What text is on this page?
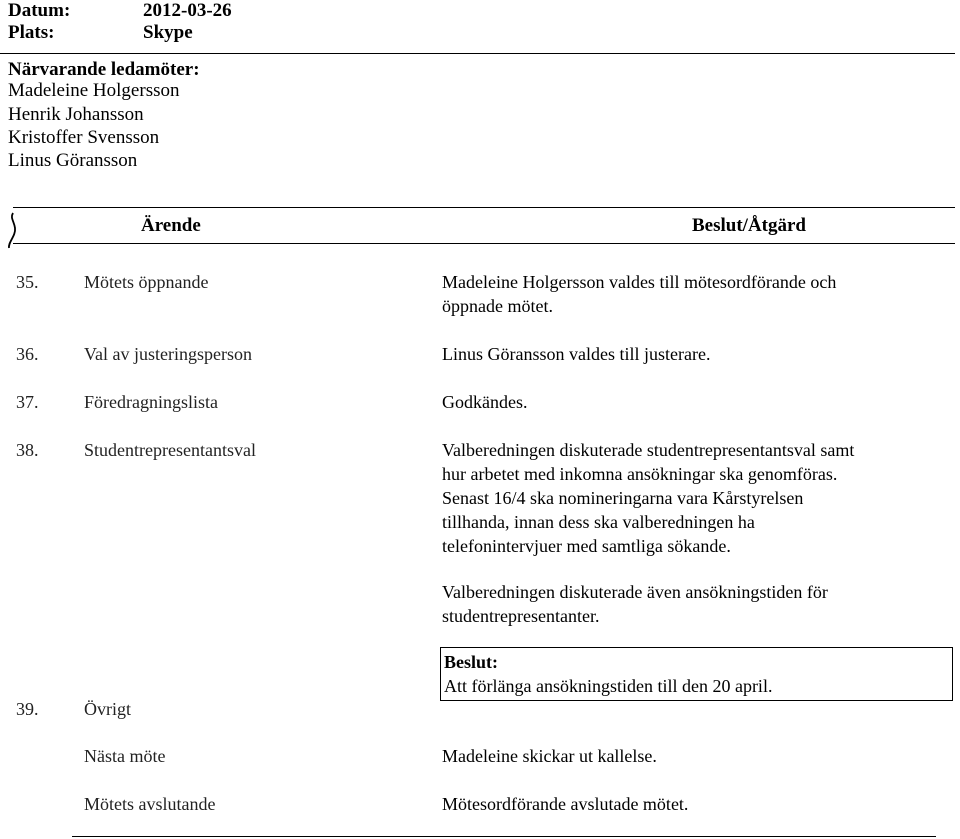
Datum:	2012-03-26
Plats:	Skype
Närvarande ledamöter:
Madeleine Holgersson
Henrik Johansson
Kristoffer Svensson
Linus Göransson
Ärende	Beslut/Åtgärd
35.	Mötets öppnande	Madeleine Holgersson valdes till mötesordförande och
öppnade mötet.
36.	Val av justeringsperson	Linus Göransson valdes till justerare.
37.	Föredragningslista	Godkändes.
38.	Studentrepresentantsval	Valberedningen diskuterade studentrepresentantsval samt
hur arbetet med inkomna ansökningar ska genomföras.
Senast 16/4 ska nomineringarna vara Kårstyrelsen
tillhanda, innan dess ska valberedningen ha
telefonintervjuer med samtliga sökande.
Valberedningen diskuterade även ansökningstiden för
studentrepresentanter.
Beslut:
Att förlänga ansökningstiden till den 20 april.
39.	Övrigt
Nästa möte	Madeleine skickar ut kallelse.
Mötets avslutande	Mötesordförande avslutade mötet.
